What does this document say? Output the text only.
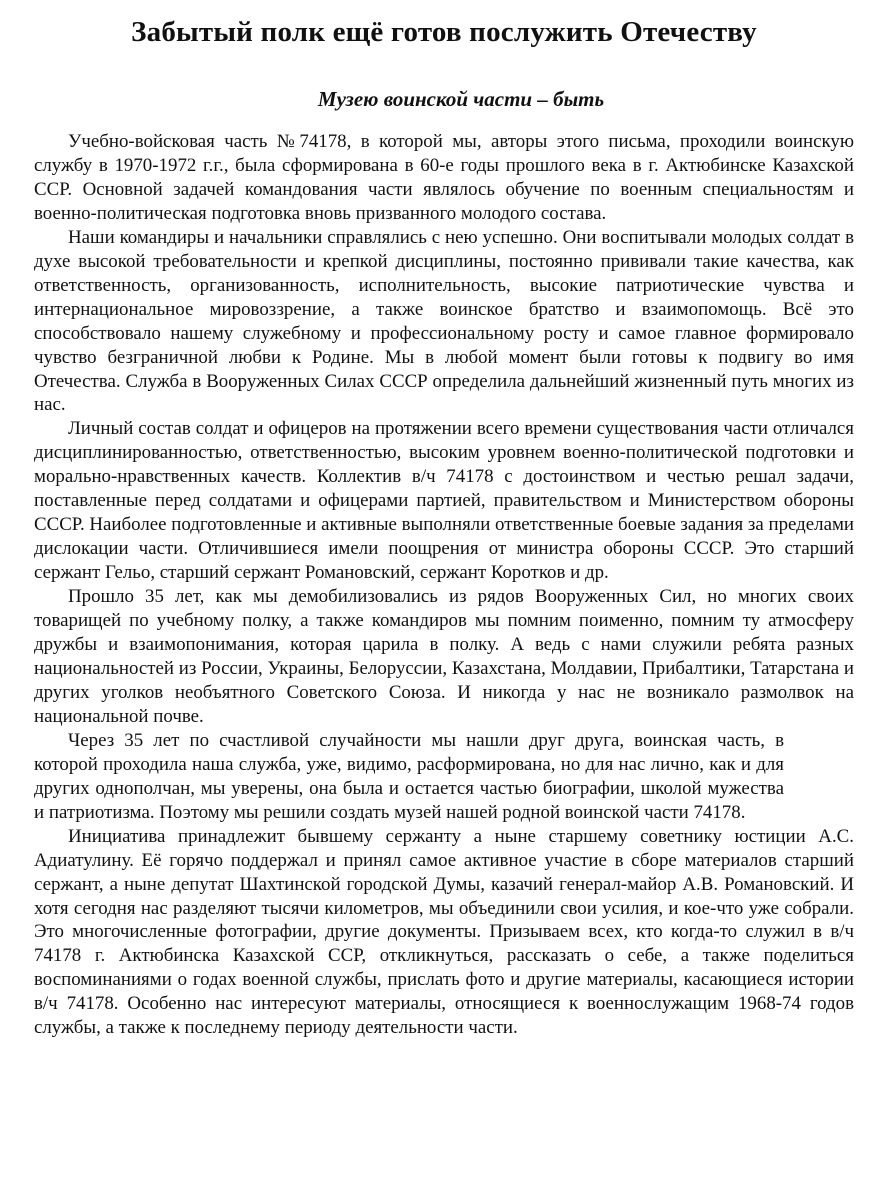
Забытый полк ещё готов послужить Отечеству
Музею воинской части – быть

Учебно-войсковая часть №74178, в которой мы, авторы этого письма, проходили воинскую службу в 1970-1972 г.г., была сформирована в 60-е годы прошлого века в г. Актюбинске Казахской ССР. Основной задачей командования части являлось обучение по военным специальностям и военно-политическая подготовка вновь призванного молодого состава.

Наши командиры и начальники справлялись с нею успешно. Они воспитывали молодых солдат в духе высокой требовательности и крепкой дисциплины, постоянно прививали такие качества, как ответственность, организованность, исполнительность, высокие патриотические чувства и интернациональное мировоззрение, а также воинское братство и взаимопомощь. Всё это способствовало нашему служебному и профессиональному росту и самое главное формировало чувство безграничной любви к Родине. Мы в любой момент были готовы к подвигу во имя Отечества. Служба в Вооруженных Силах СССР определила дальнейший жизненный путь многих из нас.

Личный состав солдат и офицеров на протяжении всего времени существования части отличался дисциплинированностью, ответственностью, высоким уровнем военно-политической подготовки и морально-нравственных качеств. Коллектив в/ч 74178 с достоинством и честью решал задачи, поставленные перед солдатами и офицерами партией, правительством и Министерством обороны СССР. Наиболее подготовленные и активные выполняли ответственные боевые задания за пределами дислокации части. Отличившиеся имели поощрения от министра обороны СССР. Это старший сержант Гельо, старший сержант Романовский, сержант Коротков и др.

Прошло 35 лет, как мы демобилизовались из рядов Вооруженных Сил, но многих своих товарищей по учебному полку, а также командиров мы помним поименно, помним ту атмосферу дружбы и взаимопонимания, которая царила в полку. А ведь с нами служили ребята разных национальностей из России, Украины, Белоруссии, Казахстана, Молдавии, Прибалтики, Татарстана и других уголков необъятного Советского Союза. И никогда у нас не возникало размолвок на национальной почве.

Через 35 лет по счастливой случайности мы нашли друг друга, воинская часть, в которой проходила наша служба, уже, видимо, расформирована, но для нас лично, как и для других однополчан, мы уверены, она была и остается частью биографии, школой мужества и патриотизма. Поэтому мы решили создать музей нашей родной воинской части 74178.

Инициатива принадлежит бывшему сержанту а ныне старшему советнику юстиции А.С. Адиатулину. Её горячо поддержал и принял самое активное участие в сборе материалов старший сержант, а ныне депутат Шахтинской городской Думы, казачий генерал-майор А.В. Романовский. И хотя сегодня нас разделяют тысячи километров, мы объединили свои усилия, и кое-что уже собрали. Это многочисленные фотографии, другие документы. Призываем всех, кто когда-то служил в в/ч 74178 г. Актюбинска Казахской ССР, откликнуться, рассказать о себе, а также поделиться воспоминаниями о годах военной службы, прислать фото и другие материалы, касающиеся истории в/ч 74178. Особенно нас интересуют материалы, относящиеся к военнослужащим 1968-74 годов службы, а также к последнему периоду деятельности части.
